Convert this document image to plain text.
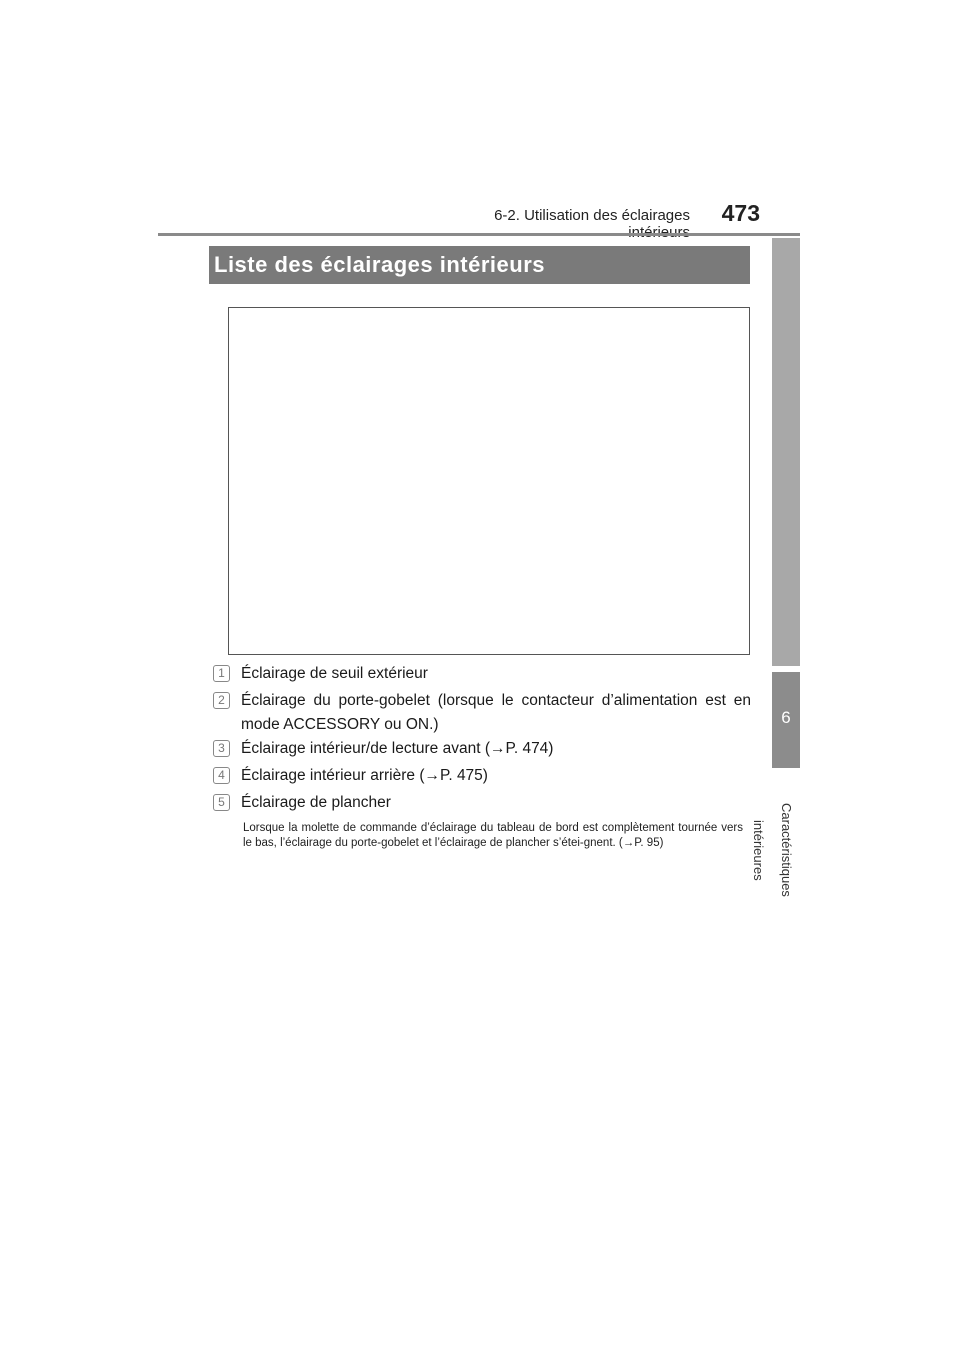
6-2. Utilisation des éclairages	473
6
Caractéristiques intérieures
Liste des éclairages intérieurs
1	Éclairage de seuil extérieur
2	Éclairage du porte-gobelet (lorsque le contacteur d’alimentation est en mode ACCESSORY ou ON.)
3	Éclairage intérieur/de lecture avant (→P. 474)
4	Éclairage intérieur arrière (→P. 475)
5	Éclairage de plancher
Lorsque la molette de commande d’éclairage du tableau de bord est complètement tournée vers le bas, l’éclairage du porte-gobelet et l’éclairage de plancher s’étei-gnent. (→P. 95)
